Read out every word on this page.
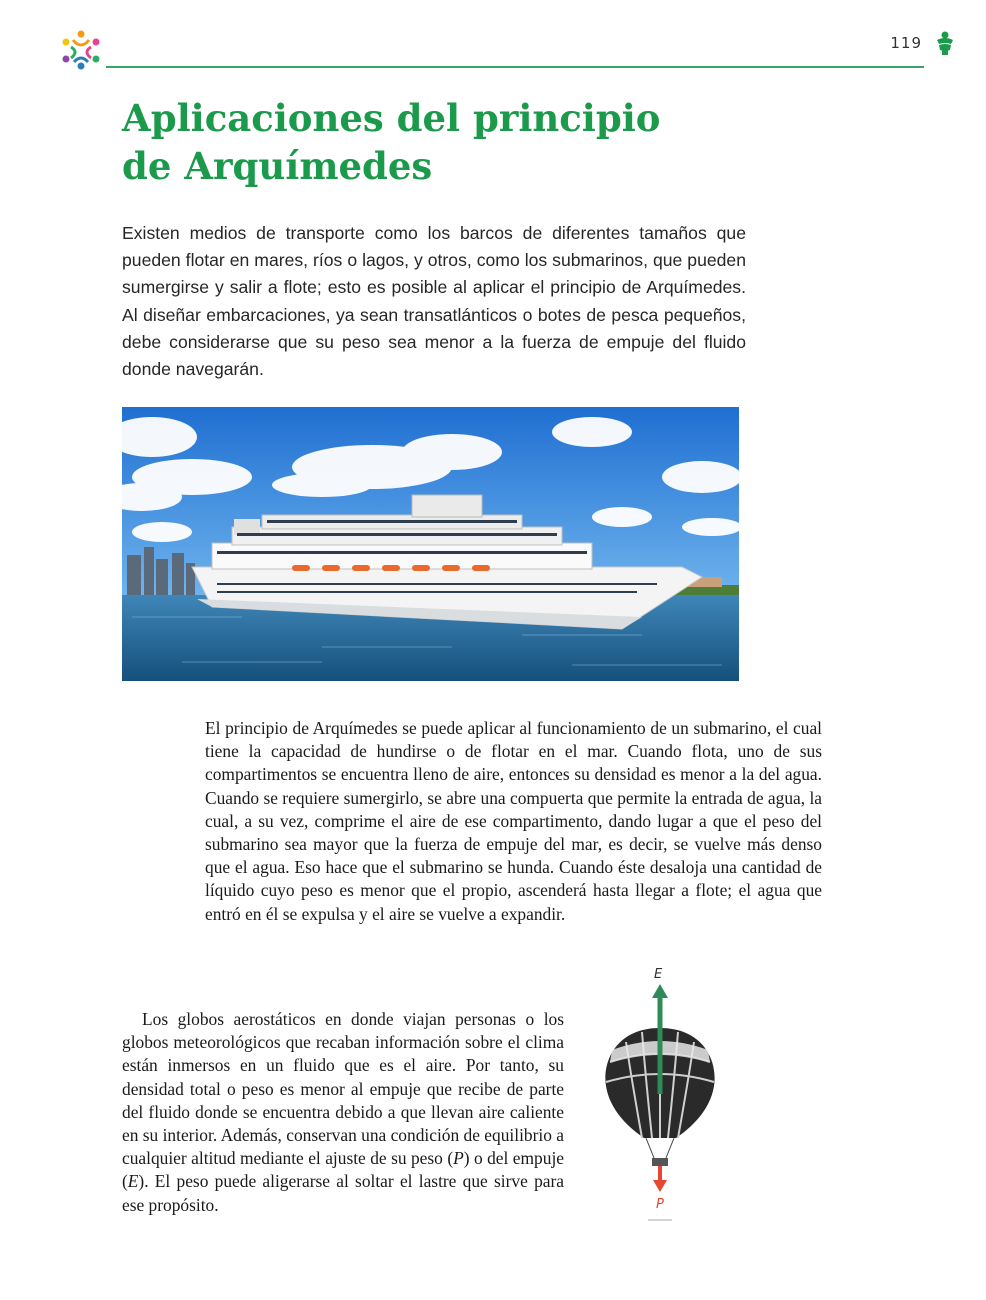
119
Aplicaciones del principio
de Arquímedes

Existen medios de transporte como los barcos de diferentes tamaños que pueden flotar en mares, ríos o lagos, y otros, como los submarinos, que pueden sumergirse y salir a flote; esto es posible al aplicar el principio de Arquímedes. Al diseñar embarcaciones, ya sean transatlánticos o botes de pesca pequeños, debe considerarse que su peso sea menor a la fuerza de empuje del fluido donde navegarán.

El principio de Arquímedes se puede aplicar al funcionamiento de un submarino, el cual tiene la capacidad de hundirse o de flotar en el mar. Cuando flota, uno de sus compartimentos se encuentra lleno de aire, entonces su densidad es menor a la del agua. Cuando se requiere sumergirlo, se abre una compuerta que permite la entrada de agua, la cual, a su vez, comprime el aire de ese compartimento, dando lugar a que el peso del submarino sea mayor que la fuerza de empuje del mar, es decir, se vuelve más denso que el agua. Eso hace que el submarino se hunda. Cuando éste desaloja una cantidad de líquido cuyo peso es menor que el propio, ascenderá hasta llegar a flote; el agua que entró en él se expulsa y el aire se vuelve a expandir.

Los globos aerostáticos en donde viajan personas o los globos meteorológicos que recaban información sobre el clima están inmersos en un fluido que es el aire. Por tanto, su densidad total o peso es menor al empuje que recibe de parte del fluido donde se encuentra debido a que llevan aire caliente en su interior. Además, conservan una condición de equilibrio a cualquier altitud mediante el ajuste de su peso (P) o del empuje (E). El peso puede aligerarse al soltar el lastre que sirve para ese propósito.

E
P
